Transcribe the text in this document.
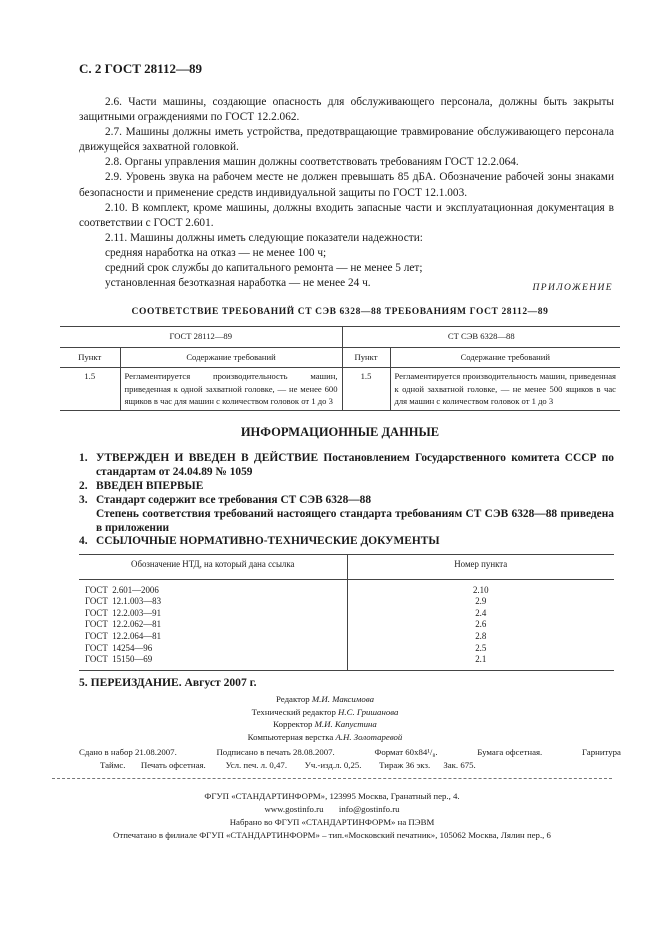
С. 2 ГОСТ 28112—89

2.6. Части машины, создающие опасность для обслуживающего персонала, должны быть закрыты защитными ограждениями по ГОСТ 12.2.062.

2.7. Машины должны иметь устройства, предотвращающие травмирование обслуживающего персонала движущейся захватной головкой.

2.8. Органы управления машин должны соответствовать требованиям ГОСТ 12.2.064.

2.9. Уровень звука на рабочем месте не должен превышать 85 дБА. Обозначение рабочей зоны знаками безопасности и применение средств индивидуальной защиты по ГОСТ 12.1.003.

2.10. В комплект, кроме машины, должны входить запасные части и эксплуатационная документация в соответствии с ГОСТ 2.601.

2.11. Машины должны иметь следующие показатели надежности:

средняя наработка на отказ — не менее 100 ч;

средний срок службы до капитального ремонта — не менее 5 лет;

установленная безотказная наработка — не менее 24 ч.	ПРИЛОЖЕНИЕ
СООТВЕТСТВИЕ ТРЕБОВАНИЙ СТ СЭВ 6328—88 ТРЕБОВАНИЯМ ГОСТ 28112—89
ГОСТ 28112—89		СТ СЭВ 6328—88	
Пункт	Содержание требований	Пункт	Содержание требований
1.5	Регламентируется производительность машин, приведенная к одной захватной головке, — не менее 600 ящиков в час для машин с количеством головок от 1 до 3	1.5	Регламентируется производительность машин, приведенная к одной захватной головке, — не менее 500 ящиков в час для машин с количеством головок от 1 до 3
ИНФОРМАЦИОННЫЕ ДАННЫЕ
1. УТВЕРЖДЕН И ВВЕДЕН В ДЕЙСТВИЕ Постановлением Государственного комитета СССР по стандартам от 24.04.89 № 1059
2. ВВЕДЕН ВПЕРВЫЕ
3. Стандарт содержит все требования СТ СЭВ 6328—88
Степень соответствия требований настоящего стандарта требованиям СТ СЭВ 6328—88 приведена в приложении
4. ССЫЛОЧНЫЕ НОРМАТИВНО-ТЕХНИЧЕСКИЕ ДОКУМЕНТЫ
Обозначение НТД, на который дана ссылка	Номер пункта
ГОСТ  2.601—2006	2.10
ГОСТ  12.1.003—83	2.9
ГОСТ  12.2.003—91	2.4
ГОСТ  12.2.062—81	2.6
ГОСТ  12.2.064—81	2.8
ГОСТ  14254—96	2.5
ГОСТ  15150—69	2.1
5. ПЕРЕИЗДАНИЕ. Август 2007 г.
Редактор М.И. Максимова
Технический редактор Н.С. Гришанова
Корректор М.И. Капустина
Компьютерная верстка А.Н. Золотаревой
Сдано в набор 21.08.2007.	Подписано в печать 28.08.2007.	Формат 60х84¹/₈.	Бумага офсетная.	Гарнитура
Таймс. Печать офсетная. Усл. печ. л. 0,47. Уч.-изд.л. 0,25. Тираж 36 экз. Зак. 675.
ФГУП «СТАНДАРТИНФОРМ», 123995 Москва, Гранатный пер., 4.
www.gostinfo.ru info@gostinfo.ru
Набрано во ФГУП «СТАНДАРТИНФОРМ» на ПЭВМ
Отпечатано в филиале ФГУП «СТАНДАРТИНФОРМ» – тип.«Московский печатник», 105062 Москва, Лялин пер., 6
